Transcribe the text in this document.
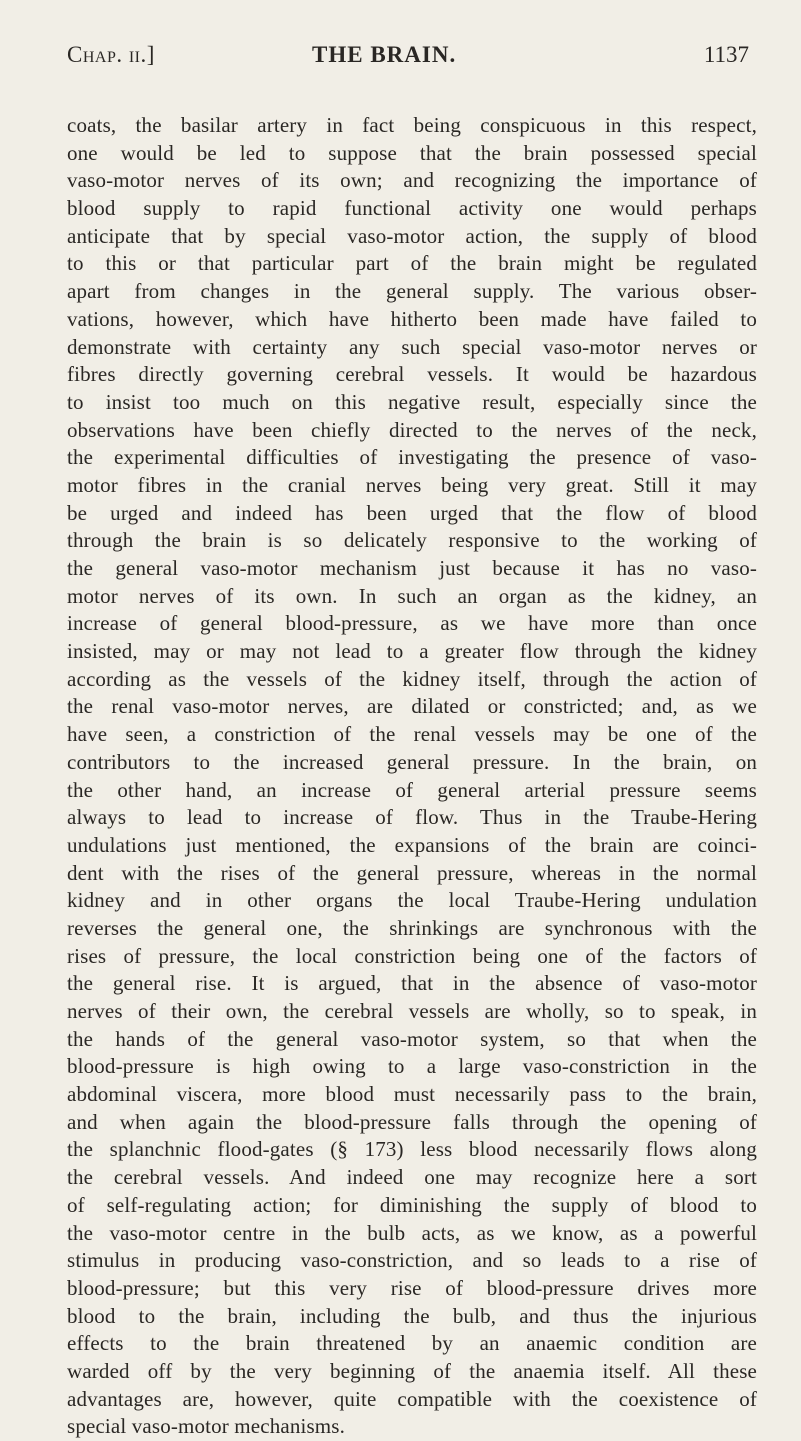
Chap. ii.]	THE BRAIN.	1137
coats, the basilar artery in fact being conspicuous in this respect,
one would be led to suppose that the brain possessed special
vaso-motor nerves of its own; and recognizing the importance of
blood supply to rapid functional activity one would perhaps
anticipate that by special vaso-motor action, the supply of blood
to this or that particular part of the brain might be regulated
apart from changes in the general supply. The various obser-
vations, however, which have hitherto been made have failed to
demonstrate with certainty any such special vaso-motor nerves or
fibres directly governing cerebral vessels. It would be hazardous
to insist too much on this negative result, especially since the
observations have been chiefly directed to the nerves of the neck,
the experimental difficulties of investigating the presence of vaso-
motor fibres in the cranial nerves being very great. Still it may
be urged and indeed has been urged that the flow of blood
through the brain is so delicately responsive to the working of
the general vaso-motor mechanism just because it has no vaso-
motor nerves of its own. In such an organ as the kidney, an
increase of general blood-pressure, as we have more than once
insisted, may or may not lead to a greater flow through the kidney
according as the vessels of the kidney itself, through the action of
the renal vaso-motor nerves, are dilated or constricted; and, as we
have seen, a constriction of the renal vessels may be one of the
contributors to the increased general pressure. In the brain, on
the other hand, an increase of general arterial pressure seems
always to lead to increase of flow. Thus in the Traube-Hering
undulations just mentioned, the expansions of the brain are coinci-
dent with the rises of the general pressure, whereas in the normal
kidney and in other organs the local Traube-Hering undulation
reverses the general one, the shrinkings are synchronous with the
rises of pressure, the local constriction being one of the factors of
the general rise. It is argued, that in the absence of vaso-motor
nerves of their own, the cerebral vessels are wholly, so to speak, in
the hands of the general vaso-motor system, so that when the
blood-pressure is high owing to a large vaso-constriction in the
abdominal viscera, more blood must necessarily pass to the brain,
and when again the blood-pressure falls through the opening of
the splanchnic flood-gates (§ 173) less blood necessarily flows along
the cerebral vessels. And indeed one may recognize here a sort
of self-regulating action; for diminishing the supply of blood to
the vaso-motor centre in the bulb acts, as we know, as a powerful
stimulus in producing vaso-constriction, and so leads to a rise of
blood-pressure; but this very rise of blood-pressure drives more
blood to the brain, including the bulb, and thus the injurious
effects to the brain threatened by an anaemic condition are
warded off by the very beginning of the anaemia itself. All these
advantages are, however, quite compatible with the coexistence of
special vaso-motor mechanisms.
